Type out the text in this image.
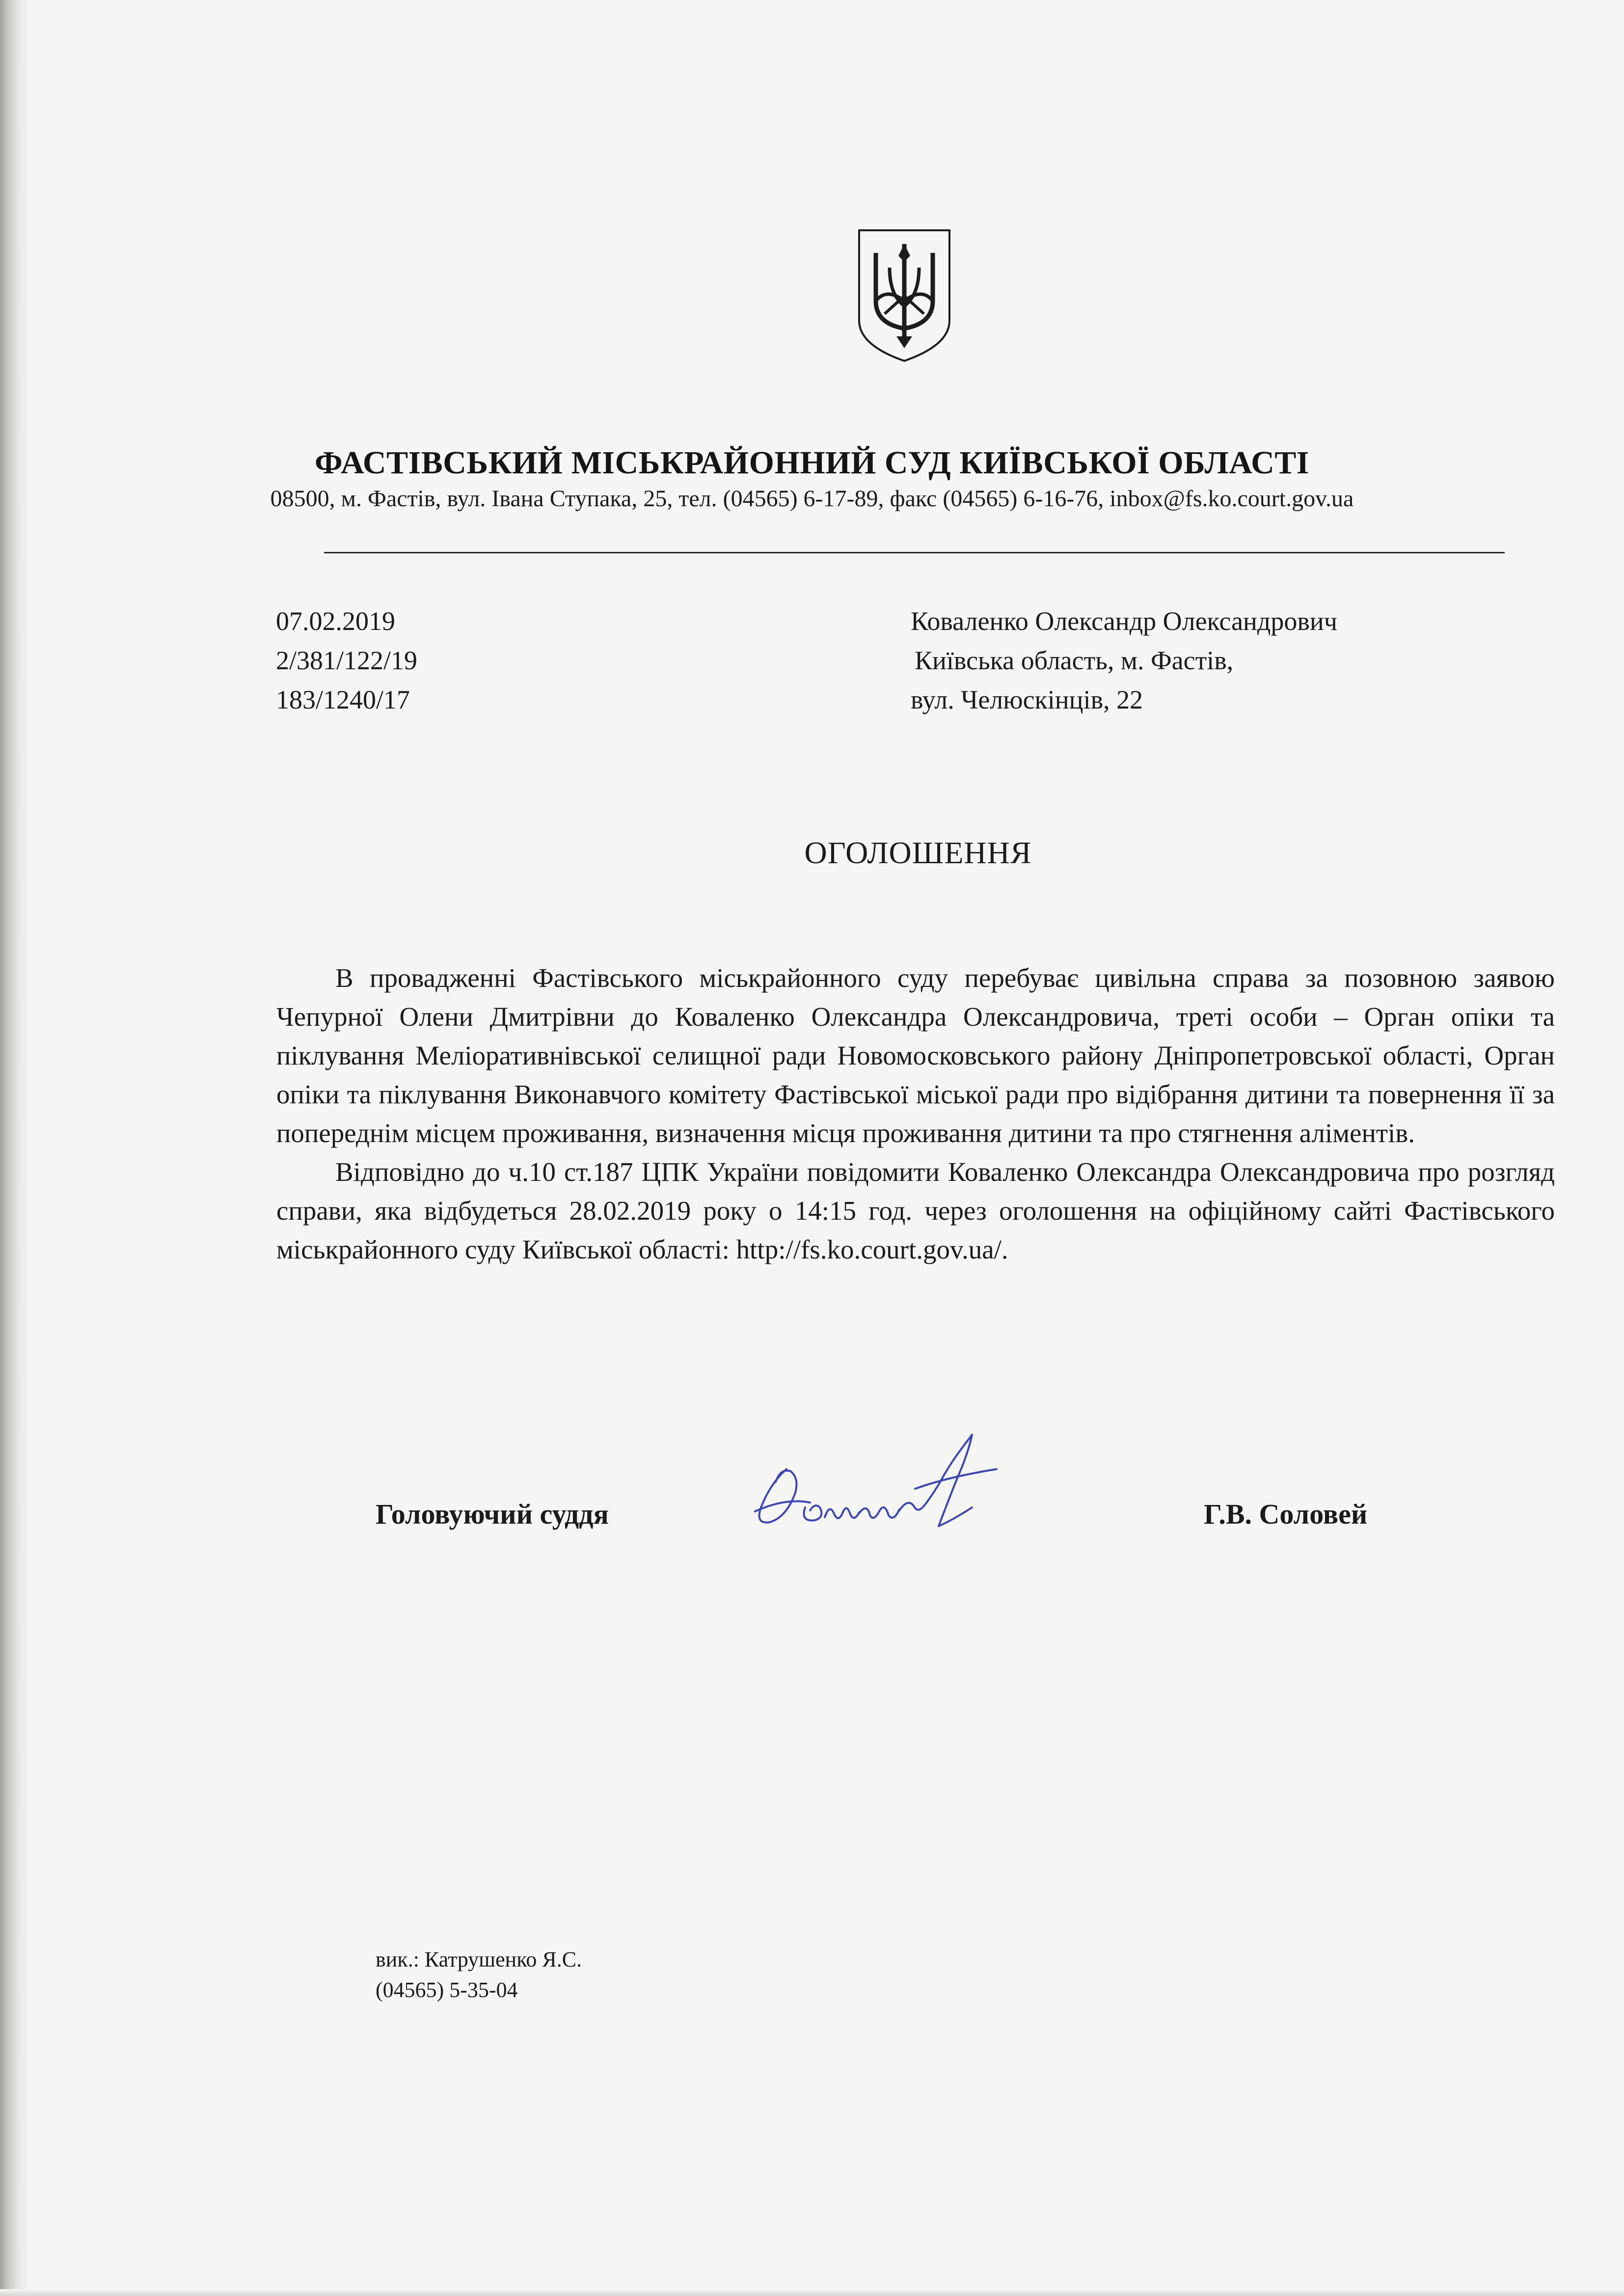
ФАСТІВСЬКИЙ МІСЬКРАЙОННИЙ СУД КИЇВСЬКОЇ ОБЛАСТІ
08500, м. Фастів, вул. Івана Ступака, 25, тел. (04565) 6-17-89, факс (04565) 6-16-76, inbox@fs.ko.court.gov.ua
07.02.2019
2/381/122/19
183/1240/17
Коваленко Олександр Олександрович
Київська область, м. Фастів,
вул. Челюскінців, 22
ОГОЛОШЕННЯ

В провадженні Фастівського міськрайонного суду перебуває цивільна справа за позовною заявою Чепурної Олени Дмитрівни до Коваленко Олександра Олександровича, треті особи – Орган опіки та піклування Меліоративнівської селищної ради Новомосковського району Дніпропетровської області, Орган опіки та піклування Виконавчого комітету Фастівської міської ради про відібрання дитини та повернення її за попереднім місцем проживання, визначення місця проживання дитини та про стягнення аліментів.

Відповідно до ч.10 ст.187 ЦПК України повідомити Коваленко Олександра Олександровича про розгляд справи, яка відбудеться 28.02.2019 року о 14:15 год. через оголошення на офіційному сайті Фастівського міськрайонного суду Київської області: http://fs.ko.court.gov.ua/.

Головуючий суддя	Г.В. Соловей
вик.: Катрушенко Я.С.
(04565) 5-35-04
